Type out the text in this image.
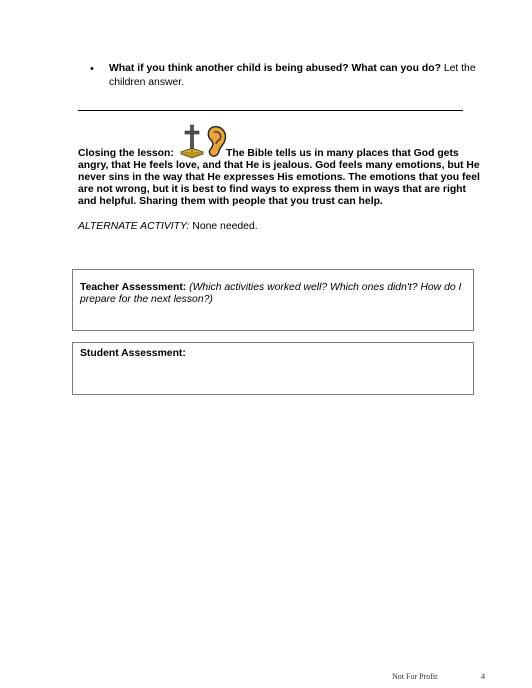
• What if you think another child is being abused? What can you do? Let the children answer.
Closing the lesson:	The Bible tells us in many places that God gets
angry, that He feels love, and that He is jealous. God feels many emotions, but He never sins in the way that He expresses His emotions. The emotions that you feel are not wrong, but it is best to find ways to express them in ways that are right and helpful. Sharing them with people that you trust can help.
ALTERNATE ACTIVITY: None needed.
Teacher Assessment: (Which activities worked well? Which ones didn't? How do I prepare for the next lesson?)
Student Assessment:
Not For Profit	4
